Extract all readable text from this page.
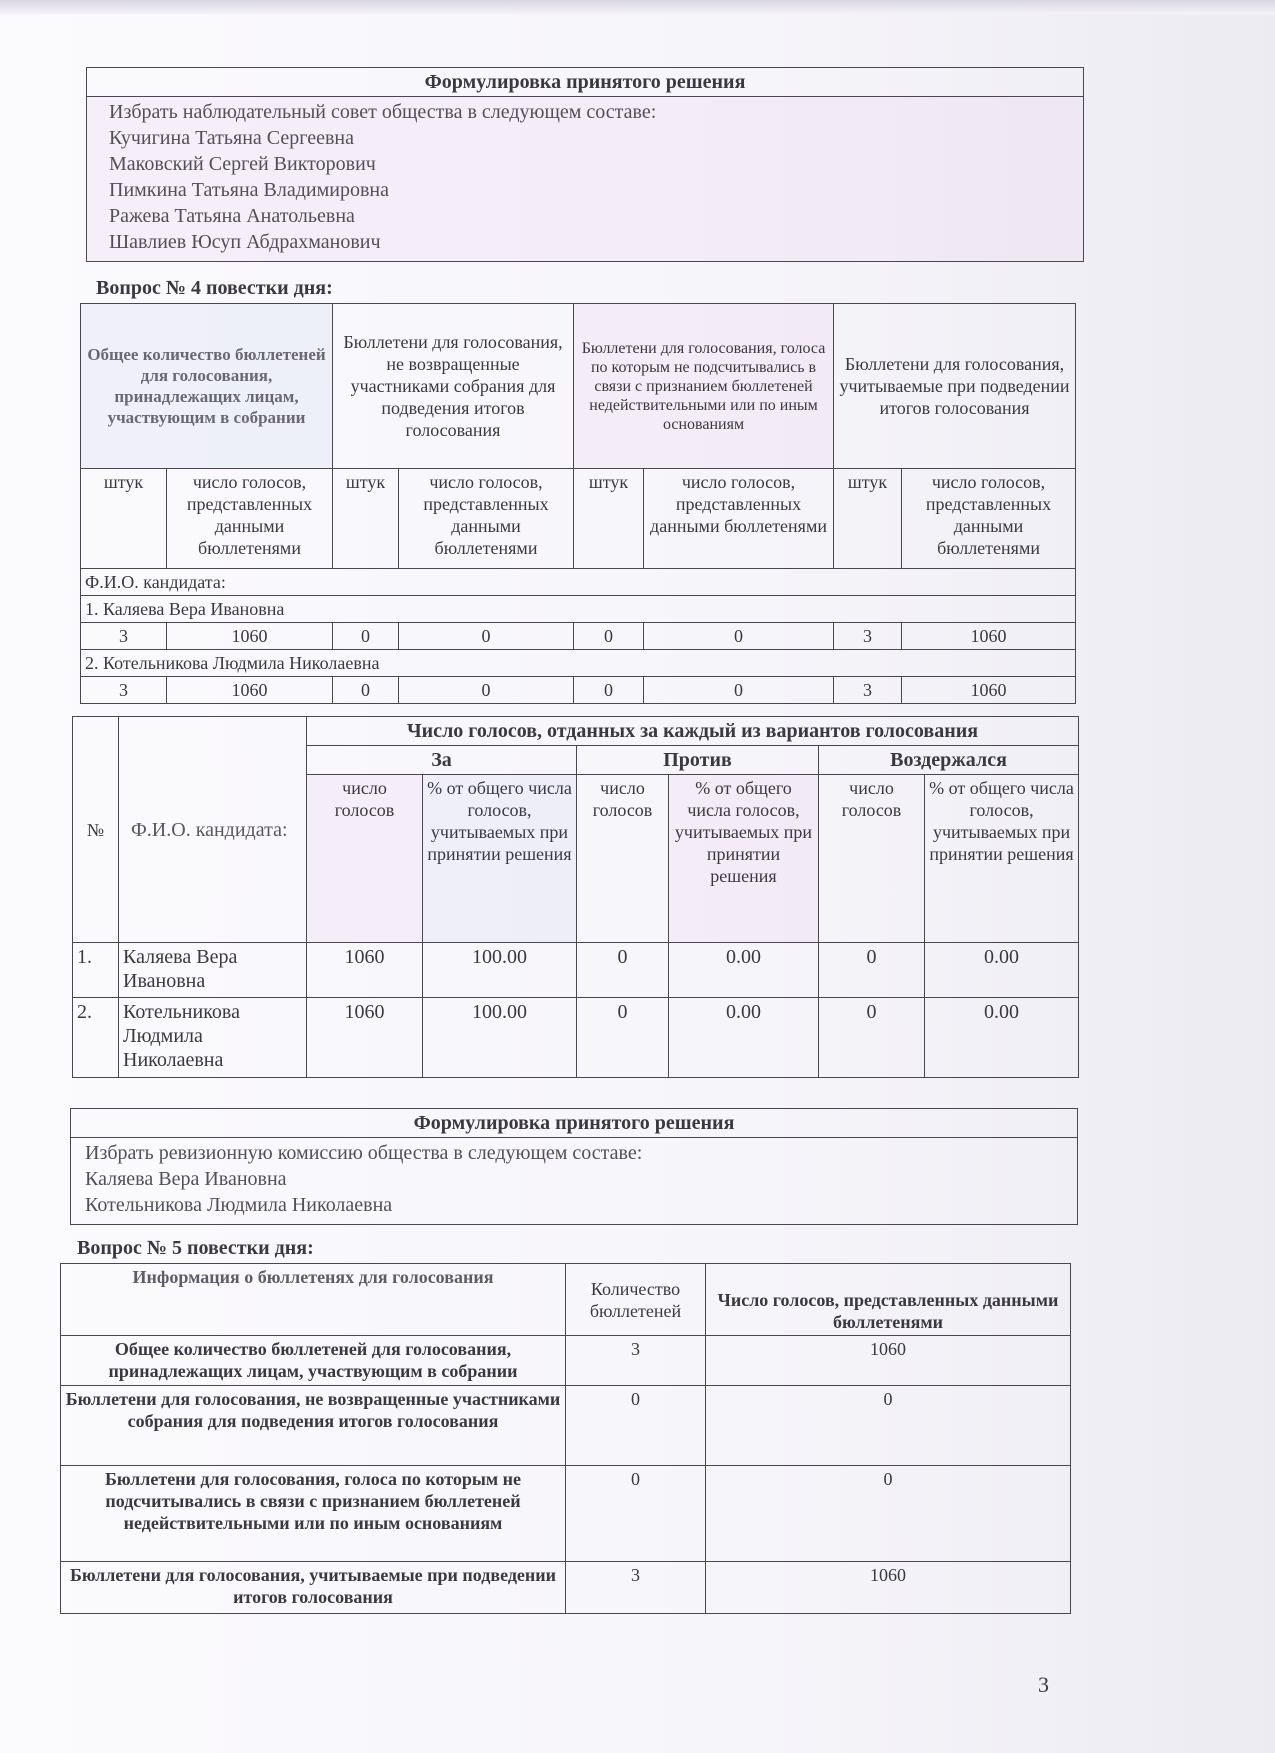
Формулировка принятого решения

Избрать наблюдательный совет общества в следующем составе:
Кучигина Татьяна Сергеевна
Маковский Сергей Викторович
Пимкина Татьяна Владимировна
Ражева Татьяна Анатольевна
Шавлиев Юсуп Абдрахманович
Вопрос № 4 повестки дня:
Общее количество бюллетеней для голосования, принадлежащих лицам, участвующим в собрании		Бюллетени для голосования, не возвращенные участниками собрания для подведения итогов голосования		Бюллетени для голосования, голоса по которым не подсчитывались в связи с признанием бюллетеней недействительными или по иным основаниям		Бюллетени для голосования, учитываемые при подведении итогов голосования	
штук	число голосов, представленных данными бюллетенями	штук	число голосов, представленных данными бюллетенями	штук	число голосов, представленных данными бюллетенями	штук	число голосов, представленных данными бюллетенями
Ф.И.О. кандидата:							
1. Каляева Вера Ивановна							
3	1060	0	0	0	0	3	1060
2. Котельникова Людмила Николаевна							
3	1060	0	0	0	0	3	1060
№	Ф.И.О. кандидата:	Число голосов, отданных за каждый из вариантов голосования					
		За		Против		Воздержался	
		число голосов	% от общего числа голосов, учитываемых при принятии решения	число голосов	% от общего числа голосов, учитываемых при принятии решения	число голосов	% от общего числа голосов, учитываемых при принятии решения
1.	Каляева Вера Ивановна	1060	100.00	0	0.00	0	0.00
2.	Котельникова Людмила Николаевна	1060	100.00	0	0.00	0	0.00
Формулировка принятого решения

Избрать ревизионную комиссию общества в следующем составе:
Каляева Вера Ивановна
Котельникова Людмила Николаевна
Вопрос № 5 повестки дня:
Информация о бюллетенях для голосования	Количество бюллетеней	Число голосов, представленных данными бюллетенями
Общее количество бюллетеней для голосования, принадлежащих лицам, участвующим в собрании	3	1060
Бюллетени для голосования, не возвращенные участниками собрания для подведения итогов голосования	0	0
Бюллетени для голосования, голоса по которым не подсчитывались в связи с признанием бюллетеней недействительными или по иным основаниям	0	0
Бюллетени для голосования, учитываемые при подведении итогов голосования	3	1060
3
